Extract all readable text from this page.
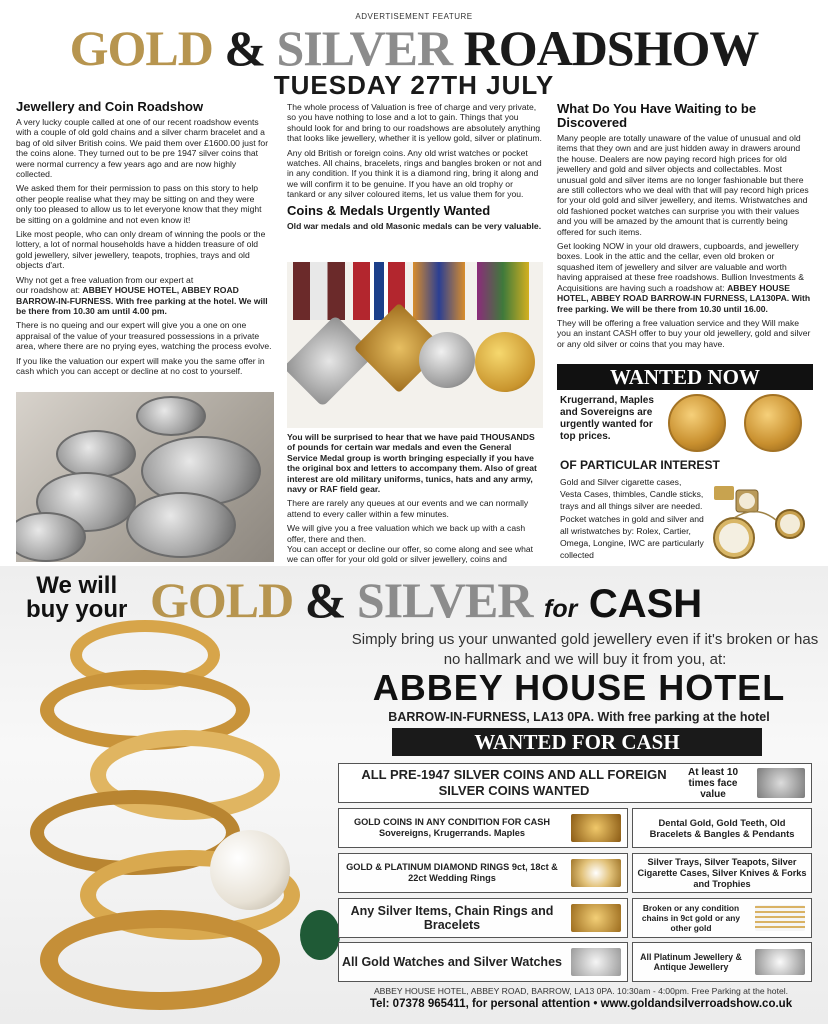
ADVERTISEMENT FEATURE
GOLD & SILVER ROADSHOW
TUESDAY 27TH JULY
Jewellery and Coin Roadshow

A very lucky couple called at one of our recent roadshow events with a couple of old gold chains and a silver charm bracelet and a bag of old silver British coins. We paid them over £1600.00 just for the coins alone. They turned out to be pre 1947 silver coins that were normal currency a few years ago and are now highly collected.

We asked them for their permission to pass on this story to help other people realise what they may be sitting on and they were only too pleased to allow us to let everyone know that they might be sitting on a goldmine and not even know it!

Like most people, who can only dream of winning the pools or the lottery, a lot of normal households have a hidden treasure of old gold jewellery, silver jewellery, teapots, trophies, trays and old objects d'art.

Why not get a free valuation from our expert at
our roadshow at: ABBEY HOUSE HOTEL, ABBEY ROAD BARROW-IN-FURNESS. With free parking at the hotel. We will be there from 10.30 am until 4.00 pm.

There is no queing and our expert will give you a one on one appraisal of the value of your treasured possessions in a private area, where there are no prying eyes, watching the process evolve.

If you like the valuation our expert will make you the same offer in cash which you can accept or decline at no cost to yourself.

The whole process of Valuation is free of charge and very private, so you have nothing to lose and a lot to gain. Things that you should look for and bring to our roadshows are absolutely anything that looks like jewellery, whether it is yellow gold, silver or platinum.

Any old British or foreign coins. Any old wrist watches or pocket watches. All chains, bracelets, rings and bangles broken or not and in any condition. If you think it is a diamond ring, bring it along and we will confirm it to be genuine. If you have an old trophy or tankard or any silver coloured items, let us value them for you.

Coins & Medals Urgently Wanted

Old war medals and old Masonic medals can be very valuable.

You will be surprised to hear that we have paid THOUSANDS of pounds for certain war medals and even the General Service Medal group is worth bringing especially if you have the original box and letters to accompany them. Also of great interest are old military uniforms, tunics, hats and any army, navy or RAF field gear.

There are rarely any queues at our events and we can normally attend to every caller within a few minutes.

We will give you a free valuation which we back up with a cash offer, there and then.

You can accept or decline our offer, so come along and see what we can offer for your old gold or silver jewellery, coins and

What Do You Have Waiting to be Discovered

Many people are totally unaware of the value of unusual and old items that they own and are just hidden away in drawers around the house. Dealers are now paying record high prices for old jewellery and gold and silver objects and collectables. Most unusual gold and silver items are no longer fashionable but there are still collectors who we deal with that will pay record high prices for your old gold and silver jewellery, and items. Wristwatches and old fashioned pocket watches can surprise you with their values and you will be amazed by the amount that is currently being offered for such items.

Get looking NOW in your old drawers, cupboards, and jewellery boxes. Look in the attic and the cellar, even old broken or squashed item of jewellery and silver are valuable and worth having appraised at these free roadshows. Bullion Investments & Acquisitions are having such a roadshow at: ABBEY HOUSE HOTEL, ABBEY ROAD BARROW-IN FURNESS, LA130PA. With free parking. We will be there from 10.30 until 16.00.

They will be offering a free valuation service and they Will make you an instant CASH offer to buy your old jewellery, gold and silver or any old silver or coins that you may have.

WANTED NOW
Krugerrand, Maples and Sovereigns are urgently wanted for top prices.
OF PARTICULAR INTEREST
Gold and Silver cigarette cases, Vesta Cases, thimbles, Candle sticks, trays and all things silver are needed. Pocket watches in gold and silver and all wristwatches by: Rolex, Cartier, Omega, Longine, IWC are particularly collected
We will
buy your GOLD & SILVER for CASH
Simply bring us your unwanted gold jewellery even if it's broken or has no hallmark and we will buy it from you, at:
ABBEY HOUSE HOTEL
BARROW-IN-FURNESS, LA13 0PA. With free parking at the hotel
WANTED FOR CASH
ALL PRE-1947 SILVER COINS AND ALL FOREIGN SILVER COINS WANTED
At least 10 times face value
GOLD COINS IN ANY CONDITION FOR CASH Sovereigns, Krugerrands. Maples
GOLD & PLATINUM DIAMOND RINGS 9ct, 18ct & 22ct Wedding Rings
Any Silver Items, Chain Rings and Bracelets
All Gold Watches and Silver Watches
Dental Gold, Gold Teeth, Old Bracelets & Bangles & Pendants
Silver Trays, Silver Teapots, Silver Cigarette Cases, Silver Knives & Forks and Trophies
Broken or any condition chains in 9ct gold or any other gold
All Platinum Jewellery & Antique Jewellery
ABBEY HOUSE HOTEL, ABBEY ROAD, BARROW, LA13 0PA. 10:30am - 4:00pm. Free Parking at the hotel.
Tel: 07378 965411, for personal attention • www.goldandsilverroadshow.co.uk
